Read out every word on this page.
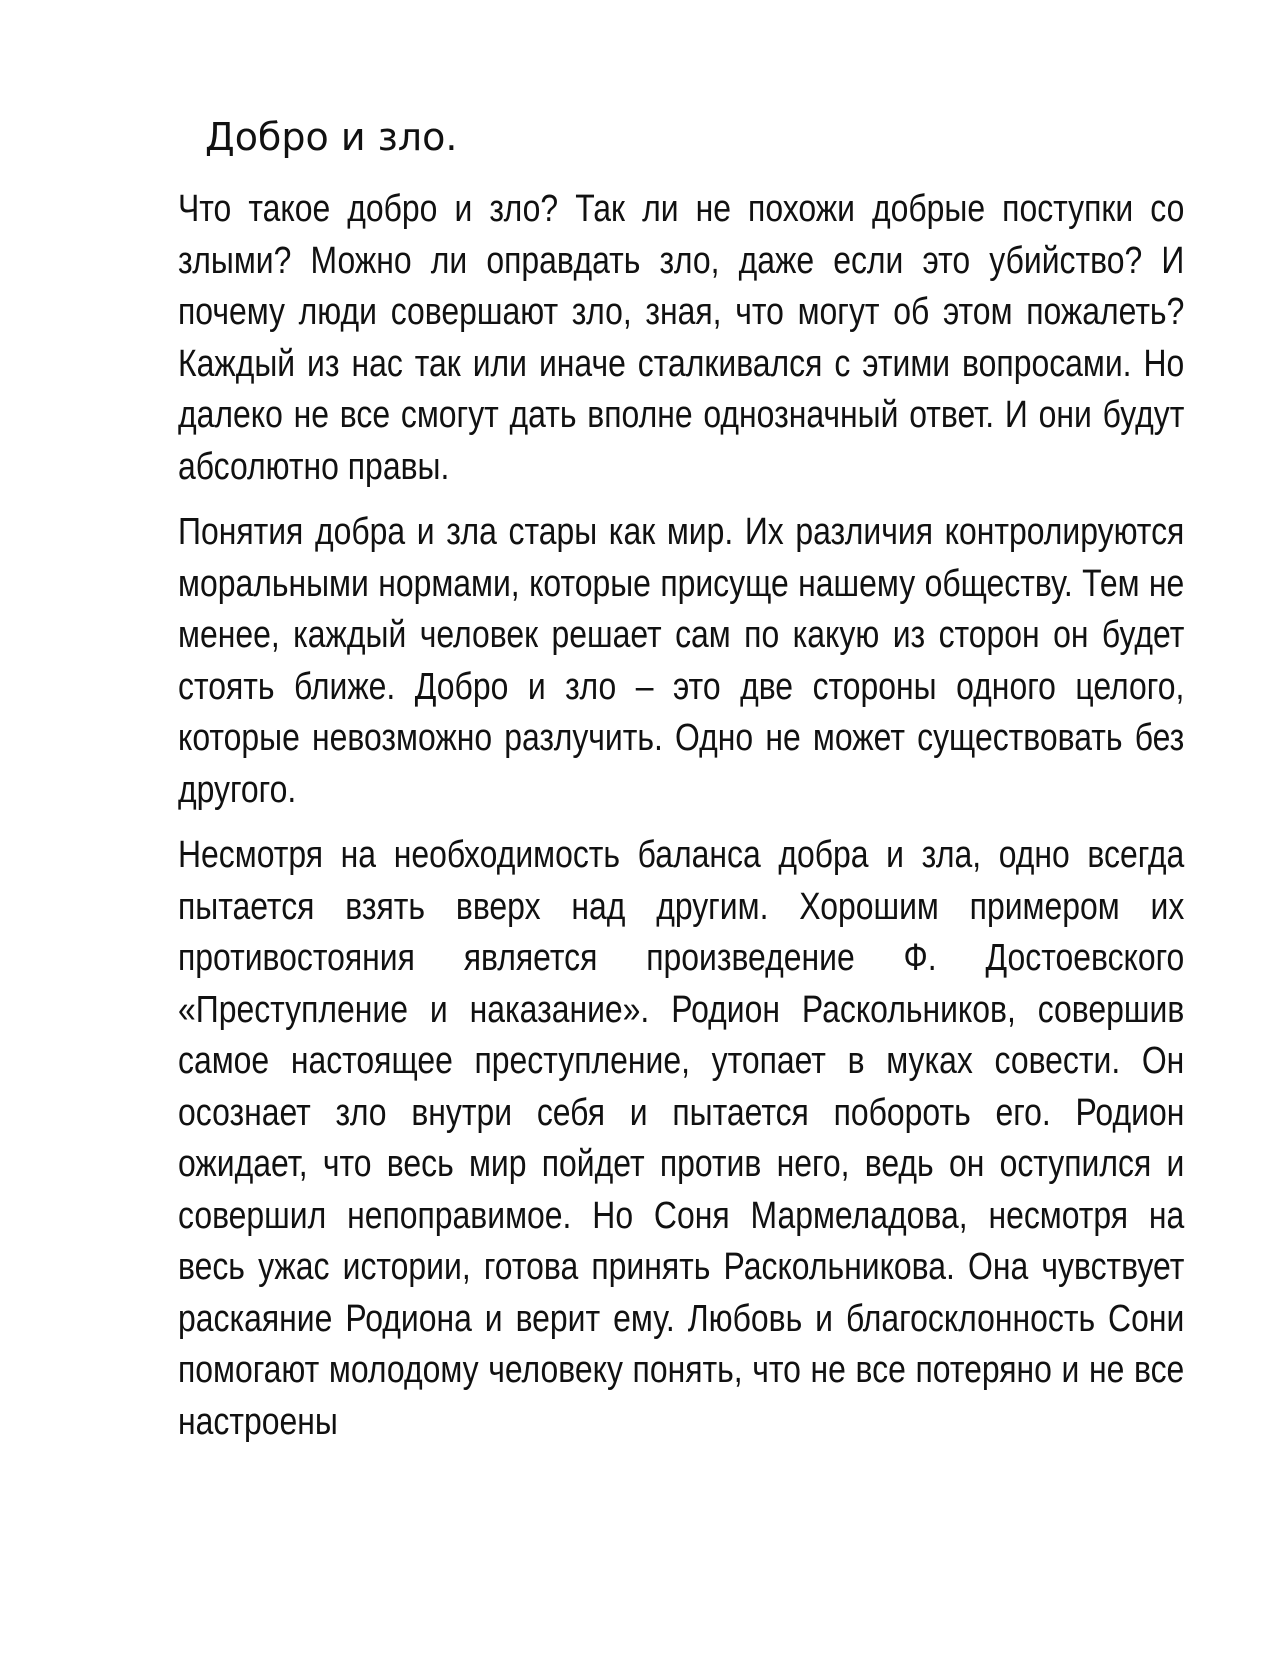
Добро и зло.

Что такое добро и зло? Так ли не похожи добрые поступки со злыми? Можно ли оправдать зло, даже если это убийство? И почему люди совершают зло, зная, что могут об этом пожалеть? Каждый из нас так или иначе сталкивался с этими вопросами. Но далеко не все смогут дать вполне однозначный ответ. И они будут абсолютно правы.

Понятия добра и зла стары как мир. Их различия контролируются моральными нормами, которые присуще нашему обществу. Тем не менее, каждый человек решает сам по какую из сторон он будет стоять ближе. Добро и зло – это две стороны одного целого, которые невозможно разлучить. Одно не может существовать без другого.

Несмотря на необходимость баланса добра и зла, одно всегда пытается взять вверх над другим. Хорошим примером их противостояния является произведение Ф. Достоевского «Преступление и наказание». Родион Раскольников, совершив самое настоящее преступление, утопает в муках совести. Он осознает зло внутри себя и пытается побороть его. Родион ожидает, что весь мир пойдет против него, ведь он оступился и совершил непоправимое. Но Соня Мармеладова, несмотря на весь ужас истории, готова принять Раскольникова. Она чувствует раскаяние Родиона и верит ему. Любовь и благосклонность Сони помогают молодому человеку понять, что не все потеряно и не все настроены
